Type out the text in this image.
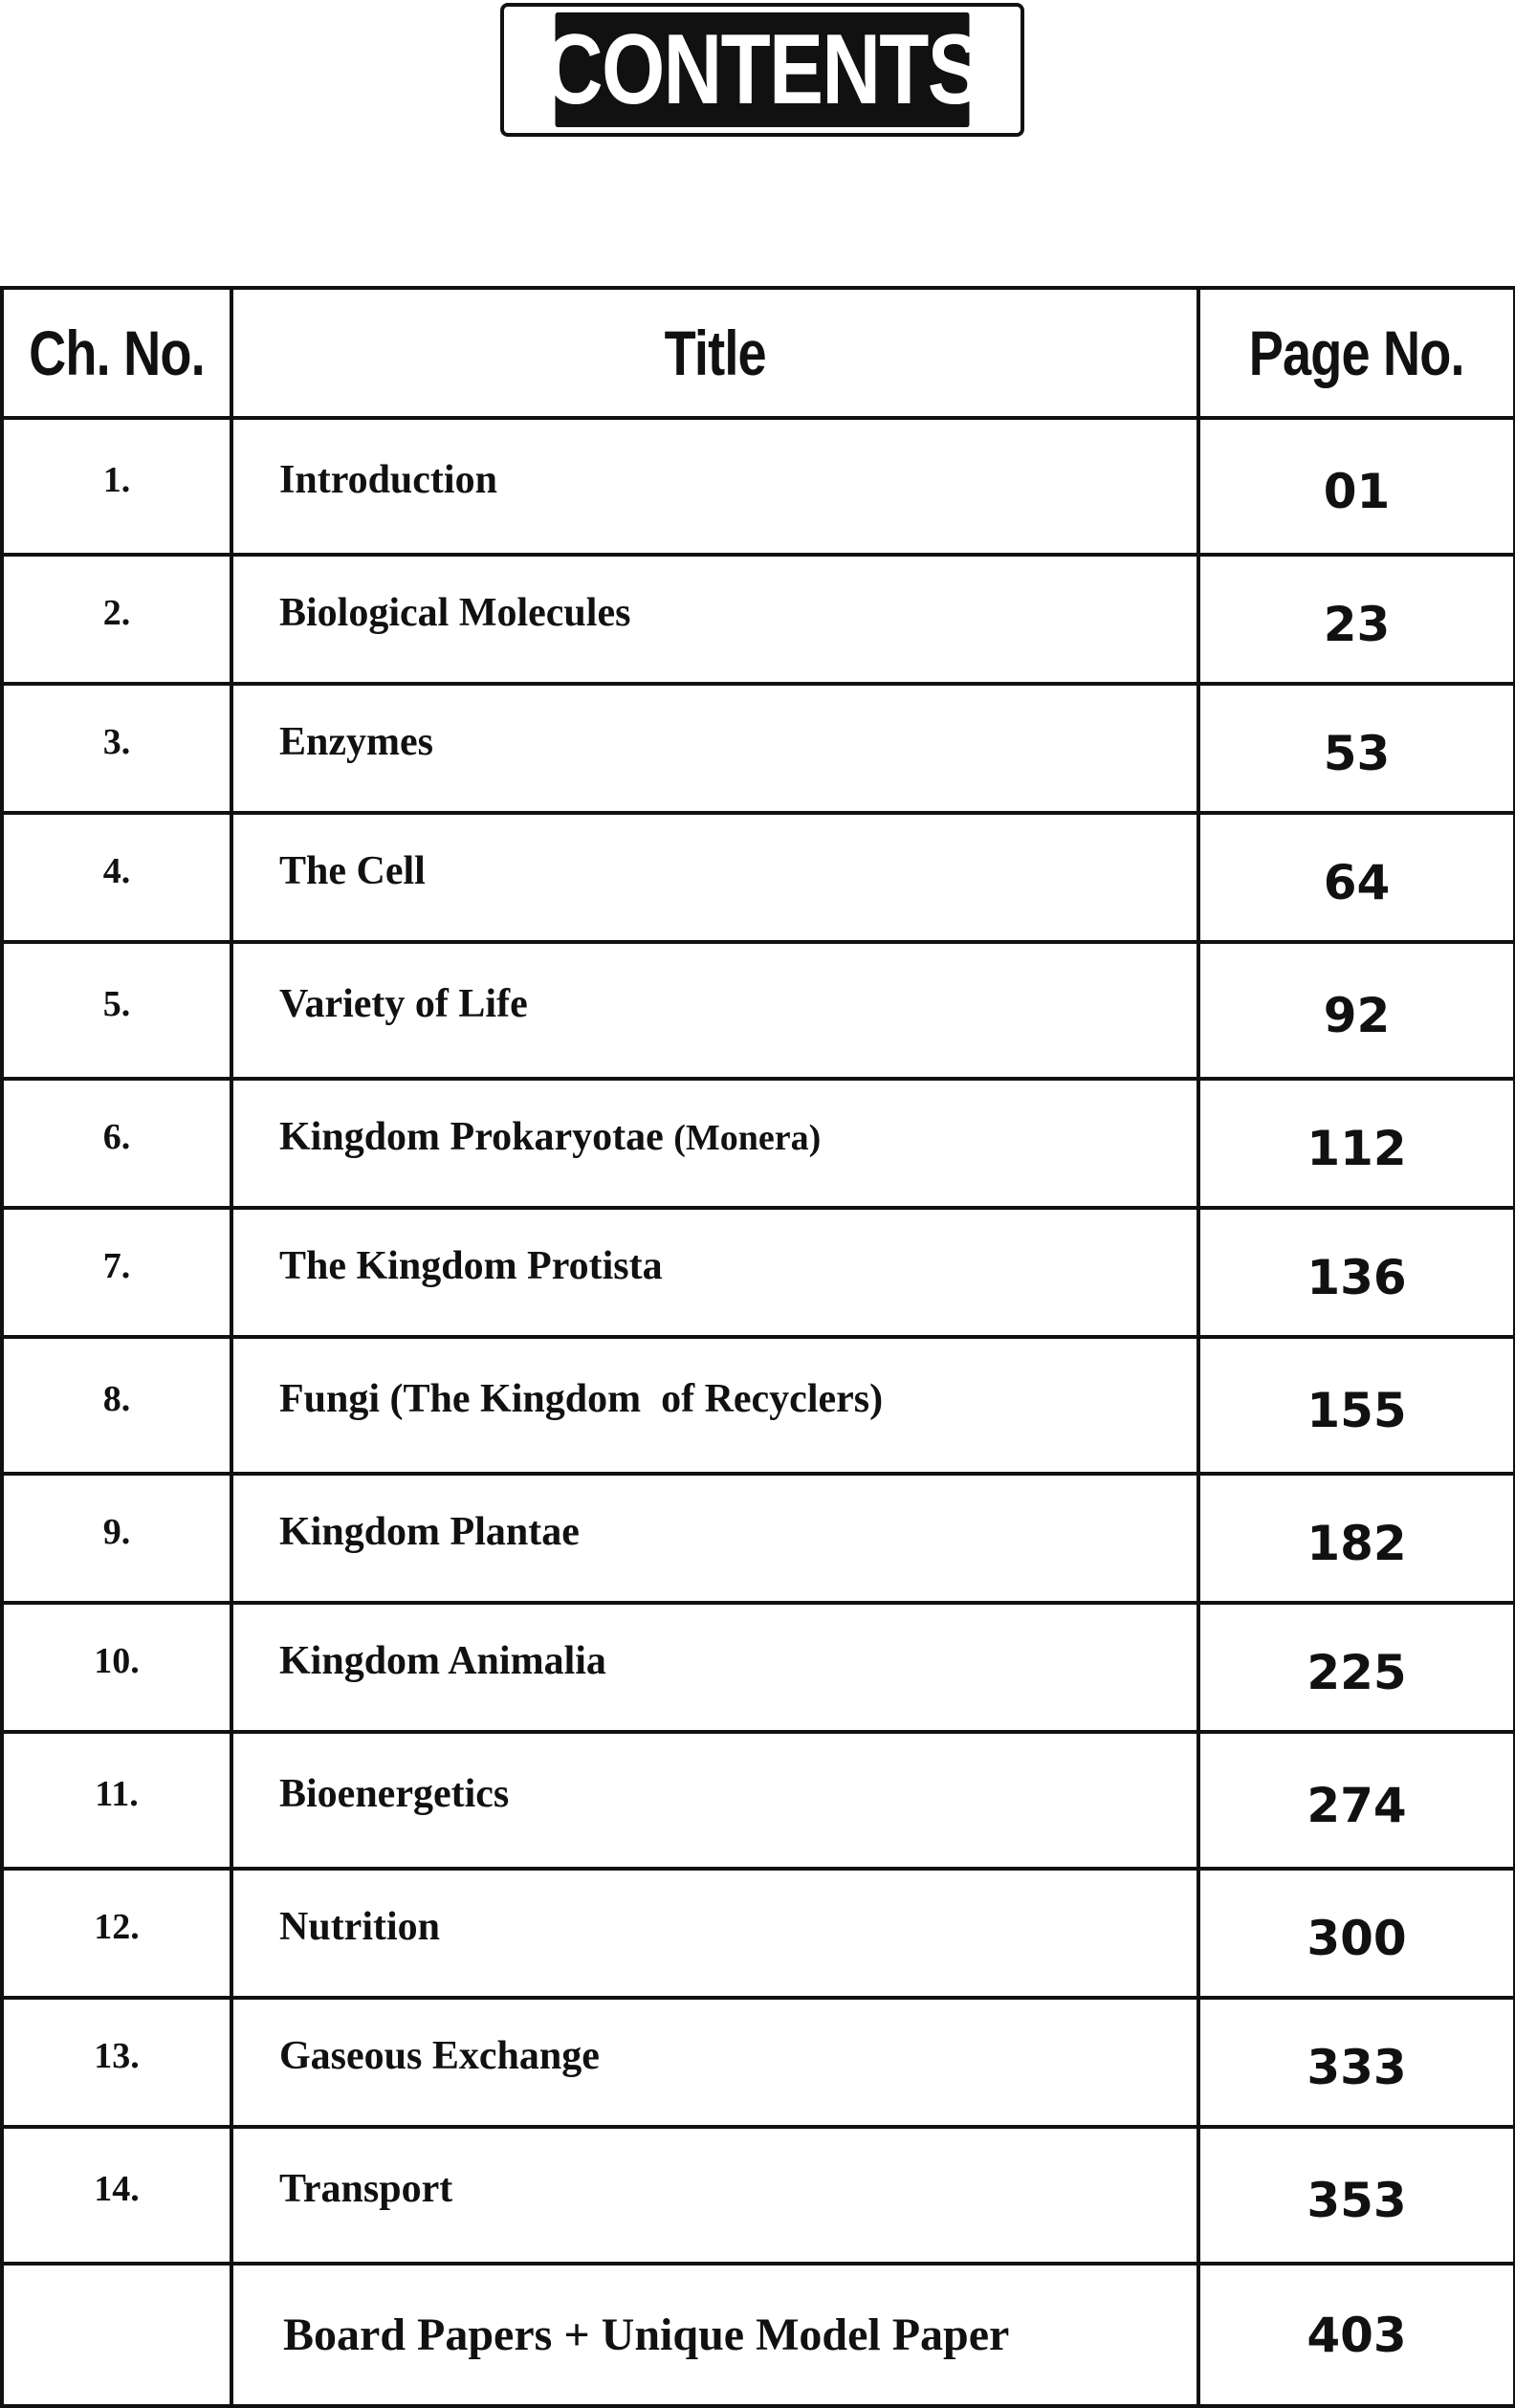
CONTENTS
Ch. No.	Title	Page No.
1.	Introduction	01
2.	Biological Molecules	23
3.	Enzymes	53
4.	The Cell	64
5.	Variety of Life	92
6.	Kingdom Prokaryotae (Monera)	112
7.	The Kingdom Protista	136
8.	Fungi (The Kingdom  of Recyclers)	155
9.	Kingdom Plantae	182
10.	Kingdom Animalia	225
11.	Bioenergetics	274
12.	Nutrition	300
13.	Gaseous Exchange	333
14.	Transport	353
	Board Papers + Unique Model Paper	403
